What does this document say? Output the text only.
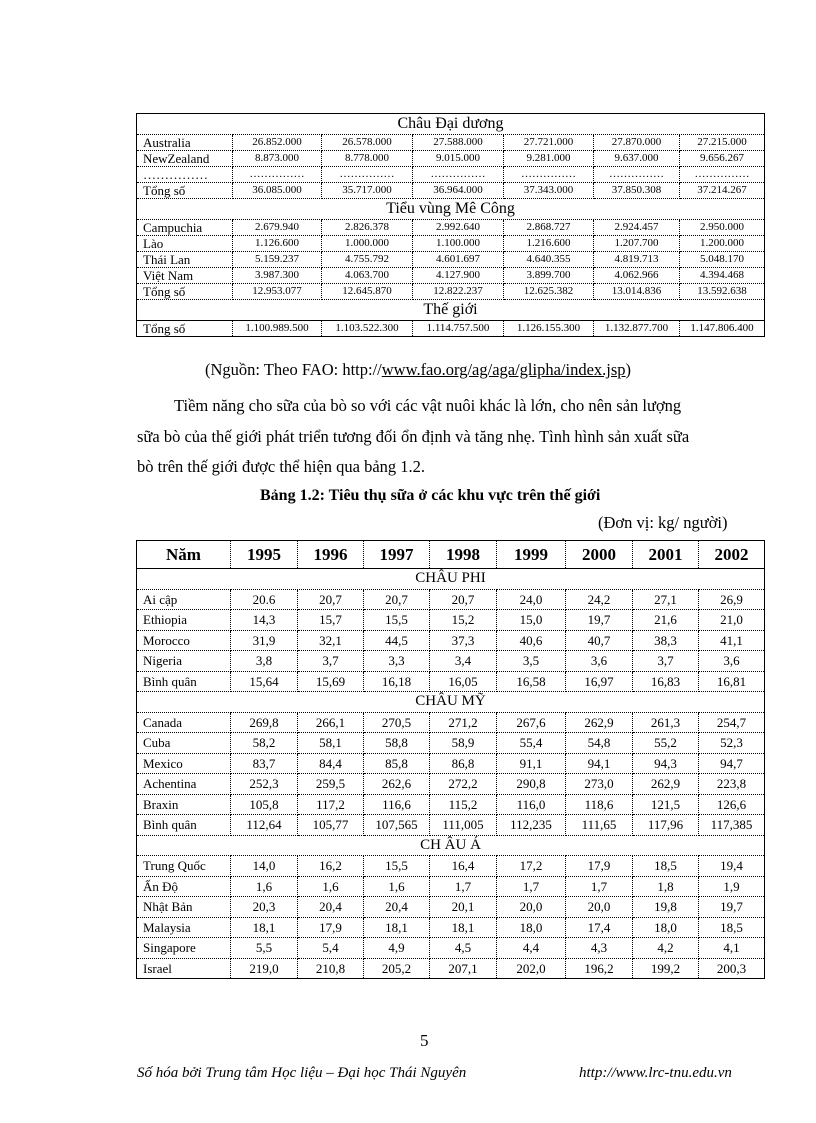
Châu Đại dương						
Australia	26.852.000	26.578.000	27.588.000	27.721.000	27.870.000	27.215.000
NewZealand	8.873.000	8.778.000	9.015.000	9.281.000	9.637.000	9.656.267
……………	……………	……………	……………	……………	……………	……………
Tổng số	36.085.000	35.717.000	36.964.000	37.343.000	37.850.308	37.214.267
Tiểu vùng Mê Công						
Campuchia	2.679.940	2.826.378	2.992.640	2.868.727	2.924.457	2.950.000
Lào	1.126.600	1.000.000	1.100.000	1.216.600	1.207.700	1.200.000
Thái Lan	5.159.237	4.755.792	4.601.697	4.640.355	4.819.713	5.048.170
Việt Nam	3.987.300	4.063.700	4.127.900	3.899.700	4.062.966	4.394.468
Tổng số	12.953.077	12.645.870	12.822.237	12.625.382	13.014.836	13.592.638
Thế giới						
Tổng số	1.100.989.500	1.103.522.300	1.114.757.500	1.126.155.300	1.132.877.700	1.147.806.400
(Nguồn: Theo FAO: http://www.fao.org/ag/aga/glipha/index.jsp)
Tiềm năng cho sữa của bò so với các vật nuôi khác là lớn, cho nên sản lượng
sữa bò của thế giới phát triển tương đối ổn định và tăng nhẹ. Tình hình sản xuất sữa
bò trên thế giới được thể hiện qua bảng 1.2.
Bảng 1.2: Tiêu thụ sữa ở các khu vực trên thế giới
(Đơn vị: kg/ người)
Năm	1995	1996	1997	1998	1999	2000	2001	2002
CHÂU PHI								
Ai cập	20.6	20,7	20,7	20,7	24,0	24,2	27,1	26,9
Ethiopia	14,3	15,7	15,5	15,2	15,0	19,7	21,6	21,0
Morocco	31,9	32,1	44,5	37,3	40,6	40,7	38,3	41,1
Nigeria	3,8	3,7	3,3	3,4	3,5	3,6	3,7	3,6
Bình quân	15,64	15,69	16,18	16,05	16,58	16,97	16,83	16,81
CHÂU MỸ								
Canada	269,8	266,1	270,5	271,2	267,6	262,9	261,3	254,7
Cuba	58,2	58,1	58,8	58,9	55,4	54,8	55,2	52,3
Mexico	83,7	84,4	85,8	86,8	91,1	94,1	94,3	94,7
Achentina	252,3	259,5	262,6	272,2	290,8	273,0	262,9	223,8
Braxin	105,8	117,2	116,6	115,2	116,0	118,6	121,5	126,6
Bình quân	112,64	105,77	107,565	111,005	112,235	111,65	117,96	117,385
CH ÂU Á								
Trung Quốc	14,0	16,2	15,5	16,4	17,2	17,9	18,5	19,4
Ấn Độ	1,6	1,6	1,6	1,7	1,7	1,7	1,8	1,9
Nhật Bản	20,3	20,4	20,4	20,1	20,0	20,0	19,8	19,7
Malaysia	18,1	17,9	18,1	18,1	18,0	17,4	18,0	18,5
Singapore	5,5	5,4	4,9	4,5	4,4	4,3	4,2	4,1
Israel	219,0	210,8	205,2	207,1	202,0	196,2	199,2	200,3
5
Số hóa bởi Trung tâm Học liệu – Đại học Thái Nguyên	http://www.lrc-tnu.edu.vn
